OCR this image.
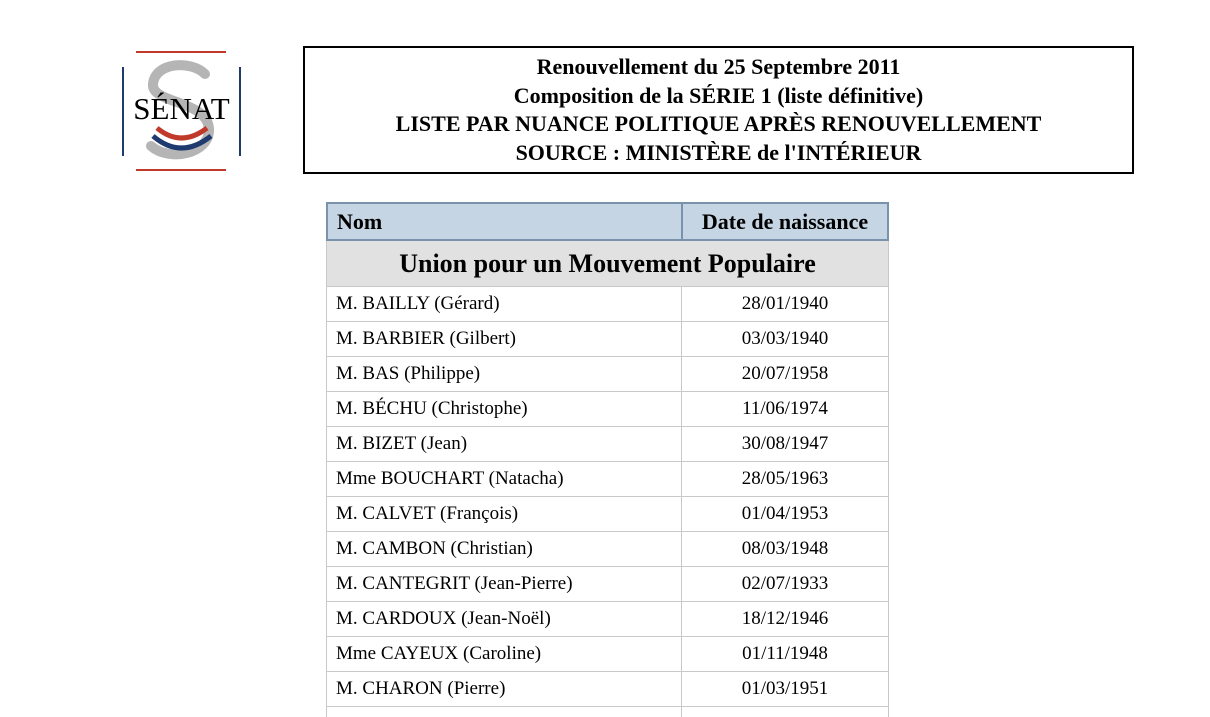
SÉNAT
Renouvellement du 25 Septembre 2011
Composition de la SÉRIE 1 (liste définitive)
LISTE PAR NUANCE POLITIQUE APRÈS RENOUVELLEMENT
SOURCE : MINISTÈRE de l'INTÉRIEUR
Nom	Date de naissance
Union pour un Mouvement Populaire
M. BAILLY (Gérard)	28/01/1940
M. BARBIER (Gilbert)	03/03/1940
M. BAS (Philippe)	20/07/1958
M. BÉCHU (Christophe)	11/06/1974
M. BIZET (Jean)	30/08/1947
Mme BOUCHART (Natacha)	28/05/1963
M. CALVET (François)	01/04/1953
M. CAMBON (Christian)	08/03/1948
M. CANTEGRIT (Jean-Pierre)	02/07/1933
M. CARDOUX (Jean-Noël)	18/12/1946
Mme CAYEUX (Caroline)	01/11/1948
M. CHARON (Pierre)	01/03/1951
